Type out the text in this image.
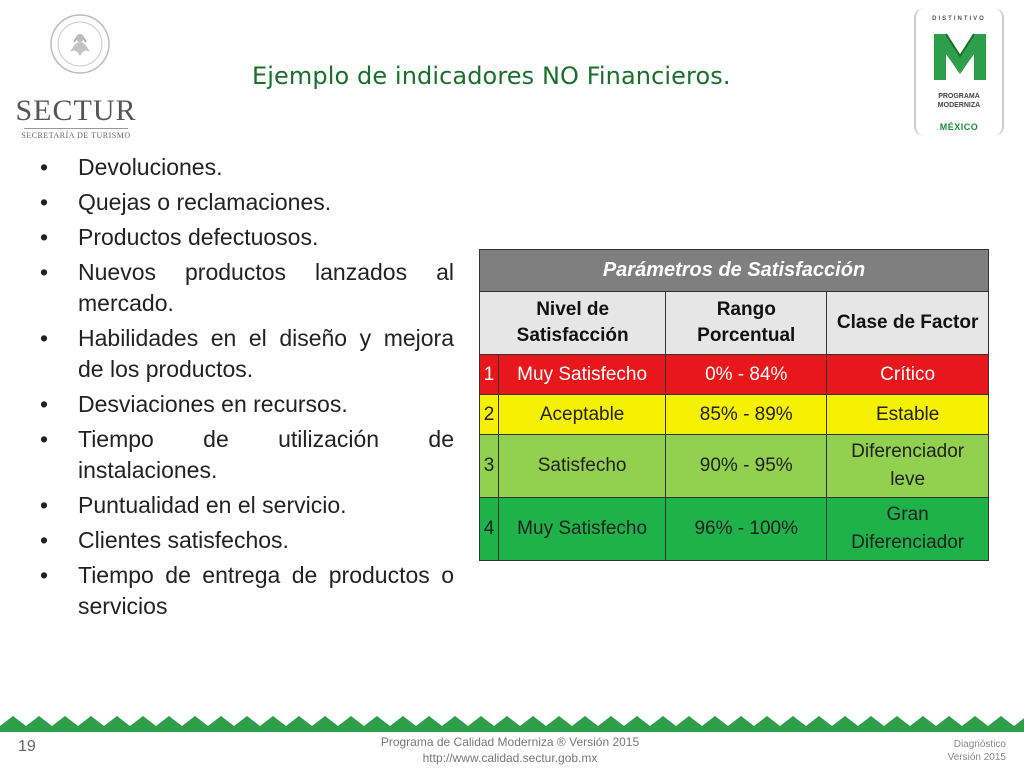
SECTUR
SECRETARÍA DE TURISMO
Ejemplo de indicadores NO Financieros.
DISTINTIVO
PROGRAMA
MODERNIZA
MÉXICO
• Devoluciones.
• Quejas o reclamaciones.
• Productos defectuosos.
• Nuevos productos lanzados al mercado.
• Habilidades en el diseño y mejora de los productos.
• Desviaciones en recursos.
• Tiempo de utilización de instalaciones.
• Puntualidad en el servicio.
• Clientes satisfechos.
• Tiempo de entrega de productos o servicios
Parámetros de Satisfacción			
Nivel de Satisfacción		Rango Porcentual	Clase de Factor
1	Muy Satisfecho	0% - 84%	Crítico
2	Aceptable	85% - 89%	Estable
3	Satisfecho	90% - 95%	Diferenciador leve
4	Muy Satisfecho	96% - 100%	Gran Diferenciador
19	Programa de Calidad Moderniza ® Versión 2015
http://www.calidad.sectur.gob.mx
Diagnóstico
Versión 2015
